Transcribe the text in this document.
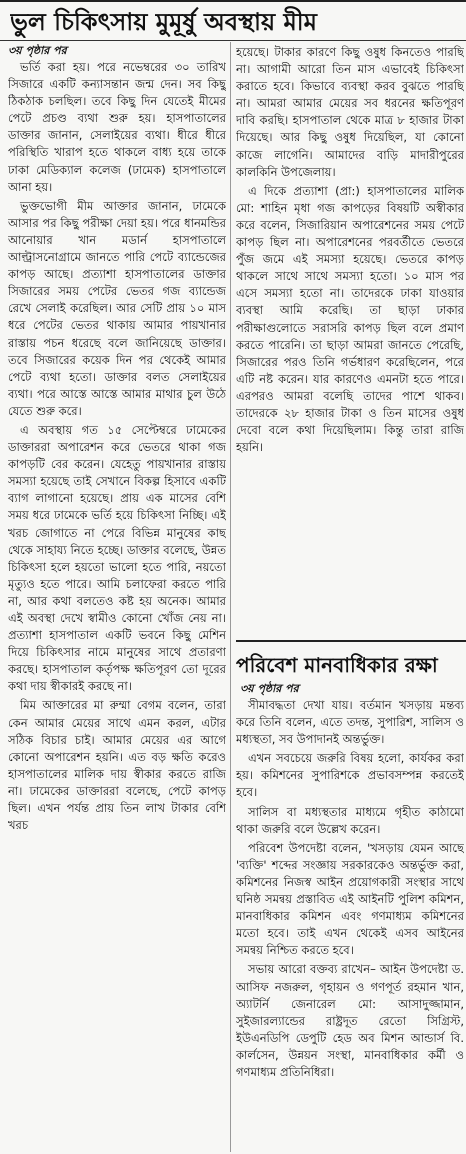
ভুল চিকিৎসায় মুমূর্ষু অবস্থায় মীম
৩য় পৃষ্ঠার পর

ভর্তি করা হয়। পরে নভেম্বরের ৩০ তারিখ সিজারে একটি কন্যাসন্তান জন্ম দেন। সব কিছু ঠিকঠাক চলছিল। তবে কিছু দিন যেতেই মীমের পেটে প্রচণ্ড ব্যথা শুরু হয়। হাসপাতালের ডাক্তার জানান, সেলাইয়ের ব্যথা। ধীরে ধীরে পরিস্থিতি খারাপ হতে থাকলে বাধ্য হয়ে তাকে ঢাকা মেডিক্যাল কলেজ (ঢামেক) হাসপাতালে আনা হয়।

ভুক্তভোগী মীম আক্তার জানান, ঢামেকে আসার পর কিছু পরীক্ষা দেয়া হয়। পরে ধানমন্ডির আনোয়ার খান মডার্ন হাসপাতালে আল্ট্রাসনোগ্রামে জানতে পারি পেটে ব্যান্ডেজের কাপড় আছে। প্রত্যাশা হাসপাতালের ডাক্তার সিজারের সময় পেটের ভেতর গজ ব্যান্ডেজ রেখে সেলাই করেছিল। আর সেটি প্রায় ১০ মাস ধরে পেটের ভেতর থাকায় আমার পায়খানার রাস্তায় পচন ধরেছে বলে জানিয়েছে ডাক্তার। তবে সিজারের কয়েক দিন পর থেকেই আমার পেটে ব্যথা হতো। ডাক্তার বলত সেলাইয়ের ব্যথা। পরে আস্তে আস্তে আমার মাথার চুল উঠে যেতে শুরু করে।

এ অবস্থায় গত ১৫ সেপ্টেম্বরে ঢামেকের ডাক্তাররা অপারেশন করে ভেতরে থাকা গজ কাপড়টি বের করেন। যেহেতু পায়খানার রাস্তায় সমস্যা হয়েছে তাই সেখানে বিকল্প হিসাবে একটি ব্যাগ লাগানো হয়েছে। প্রায় এক মাসের বেশি সময় ধরে ঢামেকে ভর্তি হয়ে চিকিৎসা নিচ্ছি। এই খরচ জোগাতে না পেরে বিভিন্ন মানুষের কাছ থেকে সাহায্য নিতে হচ্ছে। ডাক্তার বলেছে, উন্নত চিকিৎসা হলে হয়তো ভালো হতে পারি, নয়তো মৃত্যুও হতে পারে। আমি চলাফেরা করতে পারি না, আর কথা বলতেও কষ্ট হয় অনেক। আমার এই অবস্থা দেখে স্বামীও কোনো খোঁজ নেয় না। প্রত্যাশা হাসপাতাল একটি ভবনে কিছু মেশিন দিয়ে চিকিৎসার নামে মানুষের সাথে প্রতারণা করছে। হাসপাতাল কর্তৃপক্ষ ক্ষতিপূরণ তো দূরের কথা দায় স্বীকারই করছে না।

মিম আক্তারের মা রুম্মা বেগম বলেন, তারা কেন আমার মেয়ের সাথে এমন করল, এটার সঠিক বিচার চাই। আমার মেয়ের এর আগে কোনো অপারেশন হয়নি। এত বড় ক্ষতি করেও হাসপাতালের মালিক দায় স্বীকার করতে রাজি না। ঢামেকের ডাক্তাররা বলেছে, পেটে কাপড় ছিল। এখন পর্যন্ত প্রায় তিন লাখ টাকার বেশি খরচ

হয়েছে। টাকার কারণে কিছু ওষুধ কিনতেও পারছি না। আগামী আরো তিন মাস এভাবেই চিকিৎসা করাতে হবে। কিভাবে ব্যবস্থা করব বুঝতে পারছি না। আমরা আমার মেয়ের সব ধরনের ক্ষতিপূরণ দাবি করছি। হাসপাতাল থেকে মাত্র ৮ হাজার টাকা দিয়েছে। আর কিছু ওষুধ দিয়েছিল, যা কোনো কাজে লাগেনি। আমাদের বাড়ি মাদারীপুরের কালকিনি উপজেলায়।

এ দিকে প্রত্যাশা (প্রা:) হাসপাতালের মালিক মো: শাহিন মৃধা গজ কাপড়ের বিষয়টি অস্বীকার করে বলেন, সিজারিয়ান অপারেশনের সময় পেটে কাপড় ছিল না। অপারেশনের পরবর্তীতে ভেতরে পুঁজ জমে এই সমস্যা হয়েছে। ভেতরে কাপড় থাকলে সাথে সাথে সমস্যা হতো। ১০ মাস পর এসে সমস্যা হতো না। তাদেরকে ঢাকা যাওয়ার ব্যবস্থা আমি করেছি। তা ছাড়া ঢাকার পরীক্ষাগুলোতে সরাসরি কাপড় ছিল বলে প্রমাণ করতে পারেনি। তা ছাড়া আমরা জানতে পেরেছি, সিজারের পরও তিনি গর্ভধারণ করেছিলেন, পরে এটি নষ্ট করেন। যার কারণেও এমনটা হতে পারে। এরপরও আমরা বলেছি তাদের পাশে থাকব। তাদেরকে ২৮ হাজার টাকা ও তিন মাসের ওষুধ দেবো বলে কথা দিয়েছিলাম। কিন্তু তারা রাজি হয়নি।

পরিবেশ মানবাধিকার রক্ষা
৩য় পৃষ্ঠার পর

সীমাবদ্ধতা দেখা যায়। বর্তমান খসড়ায় মন্তব্য করে তিনি বলেন, এতে তদন্ত, সুপারিশ, সালিস ও মধ্যস্থতা, সব উপাদানই অন্তর্ভুক্ত।

এখন সবচেয়ে জরুরি বিষয় হলো, কার্যকর করা হয়। কমিশনের সুপারিশকে প্রভাবসম্পন্ন করতেই হবে।

সালিস বা মধ্যস্থতার মাধ্যমে গৃহীত কাঠামো থাকা জরুরি বলে উল্লেখ করেন।

পরিবেশ উপদেষ্টা বলেন, 'খসড়ায় যেমন আছে 'ব্যক্তি' শব্দের সংজ্ঞায় সরকারকেও অন্তর্ভুক্ত করা, কমিশনের নিজস্ব আইন প্রয়োগকারী সংস্থার সাথে ঘনিষ্ঠ সমন্বয় প্রস্তাবিত এই আইনটি পুলিশ কমিশন, মানবাধিকার কমিশন এবং গণমাধ্যম কমিশনের মতো হবে। তাই এখন থেকেই এসব আইনের সমন্বয় নিশ্চিত করতে হবে।

সভায় আরো বক্তব্য রাখেন– আইন উপদেষ্টা ড. আসিফ নজরুল, গৃহায়ন ও গণপূর্ত রহমান খান, অ্যাটর্নি জেনারেল মো: আসাদুজ্জামান, সুইজারল্যান্ডের রাষ্ট্রদূত রেতো সিগ্রিস্ট, ইউএনডিপি ডেপুটি হেড অব মিশন আন্ডার্স বি. কার্লসেন, উন্নয়ন সংস্থা, মানবাধিকার কর্মী ও গণমাধ্যম প্রতিনিধিরা।
